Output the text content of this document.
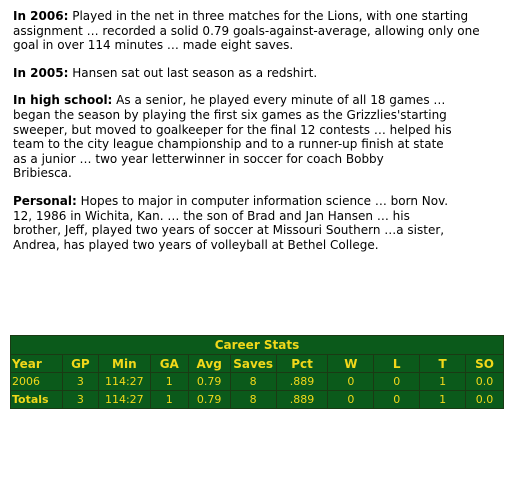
In 2006: Played in the net in three matches for the Lions, with one starting
assignment … recorded a solid 0.79 goals-against-average, allowing only one
goal in over 114 minutes … made eight saves.

In 2005: Hansen sat out last season as a redshirt.

In high school: As a senior, he played every minute of all 18 games …
began the season by playing the first six games as the Grizzlies'starting
sweeper, but moved to goalkeeper for the final 12 contests … helped his
team to the city league championship and to a runner-up finish at state
as a junior … two year letterwinner in soccer for coach Bobby
Bribiesca.

Personal: Hopes to major in computer information science … born Nov.
12, 1986 in Wichita, Kan. … the son of Brad and Jan Hansen … his
brother, Jeff, played two years of soccer at Missouri Southern …a sister,
Andrea, has played two years of volleyball at Bethel College.

Career Stats										
Year	GP	Min	GA	Avg	Saves	Pct	W	L	T	SO
2006	3	114:27	1	0.79	8	.889	0	0	1	0.0
Totals	3	114:27	1	0.79	8	.889	0	0	1	0.0
